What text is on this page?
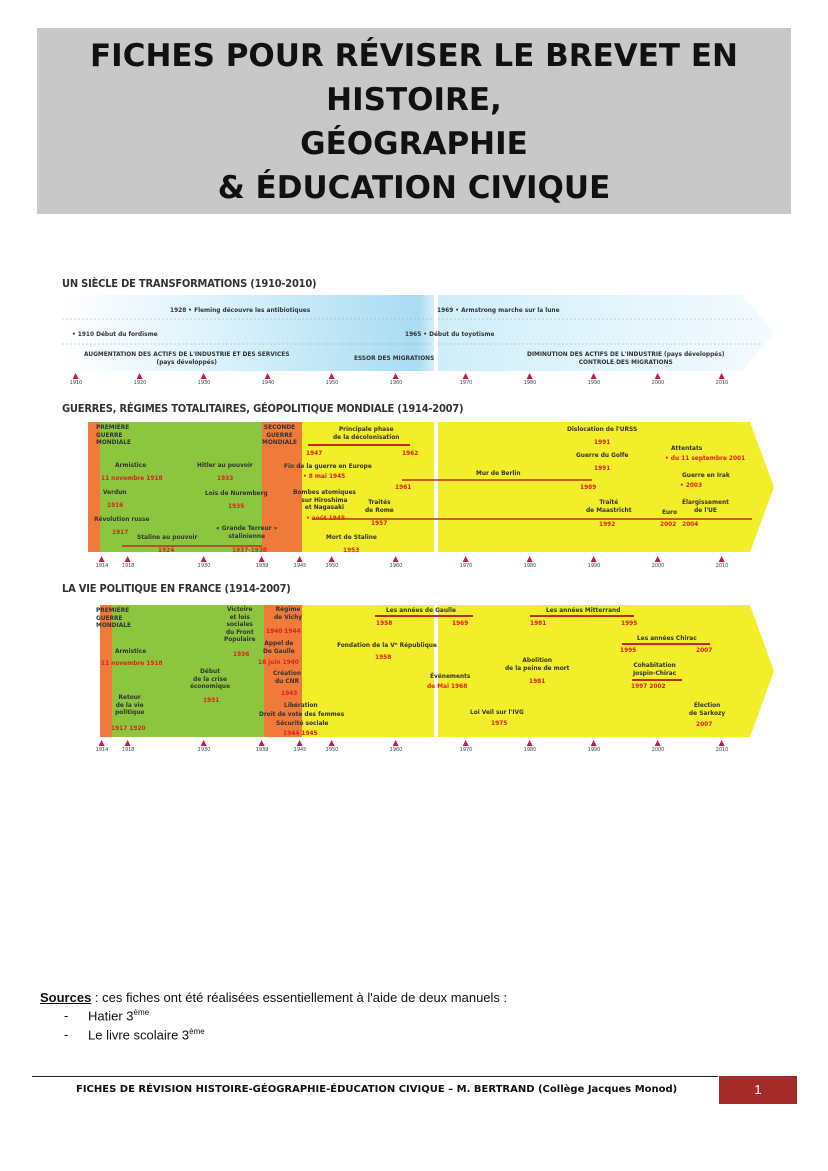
FICHES POUR RÉVISER LE BREVET EN
HISTOIRE,
GÉOGRAPHIE
& ÉDUCATION CIVIQUE
UN SIÈCLE DE TRANSFORMATIONS (1910-2010)
1928 • Fleming découvre les antibiotiques	1969 • Armstrong marche sur la lune
• 1910 Début du fordisme	1965 • Début du toyotisme
AUGMENTATION DES ACTIFS DE L'INDUSTRIE ET DES SERVICES
(pays développés)	ESSOR DES MIGRATIONS	DIMINUTION DES ACTIFS DE L'INDUSTRIE (pays développés)
CONTROLE DES MIGRATIONS
1910	1920	1930	1940	1950	1960	1970	1980	1990	2000	2010
GUERRES, RÉGIMES TOTALITAIRES, GÉOPOLITIQUE MONDIALE (1914-2007)
PREMIÈRE
GUERRE
MONDIALE
SECONDE
GUERRE
MONDIALE
Armistice
11 novembre 1918
Verdun
1916
Révolution russe
1917
Staline au pouvoir
1924
Hitler au pouvoir
1933
Lois de Nuremberg
1935
« Grande Terreur »
stalinienne
1937-1938
Principale phase
de la décolonisation
1947	1962
Fin de la guerre en Europe
• 8 mai 1945
Bombes atomiques
sur Hiroshima
et Nagasaki
• août 1945
Traités
de Rome
1957
Mort de Staline
1953
Mur de Berlin
1961	1989
Dislocation de l'URSS
1991
Guerre du Golfe
1991
Traité
de Maastricht
1992
Attentats
• du 11 septembre 2001
Guerre en Irak
• 2003
Euro
2002
Élargissement
de l'UE
2004
1914	1918	1930	1939	1945	1950	1960	1970	1980	1990	2000	2010
LA VIE POLITIQUE EN FRANCE (1914-2007)
PREMIÈRE
GUERRE
MONDIALE
Armistice
11 novembre 1918
Retour
de la vie
politique
1917 1920
Début
de la crise
économique
1931
Victoire
et lois
sociales
du Front
Populaire
1936
Régime
de Vichy
1940 1944
Appel de
De Gaulle
18 juin 1940
Création
du CNR
1943
Libération
Droit de vote des femmes
Sécurité sociale
1944 1945
Les années de Gaulle
1958	1969
Fondation de la Vᵉ République
1958
Événements
de Mai 1968
Les années Mitterrand
1981	1995
Abolition
de la peine de mort
1981
Loi Veil sur l'IVG
1975
Les années Chirac
1995	2007
Cohabitation
Jospin-Chirac
1997 2002
Élection
de Sarkozy
2007
1914	1918	1930	1939	1945	1950	1960	1970	1980	1990	2000	2010
Sources : ces fiches ont été réalisées essentiellement à l'aide de deux manuels :
- Hatier 3ème
- Le livre scolaire 3ème
FICHES DE RÉVISION HISTOIRE-GÉOGRAPHIE-ÉDUCATION CIVIQUE – M. BERTRAND (Collège Jacques Monod)	1
